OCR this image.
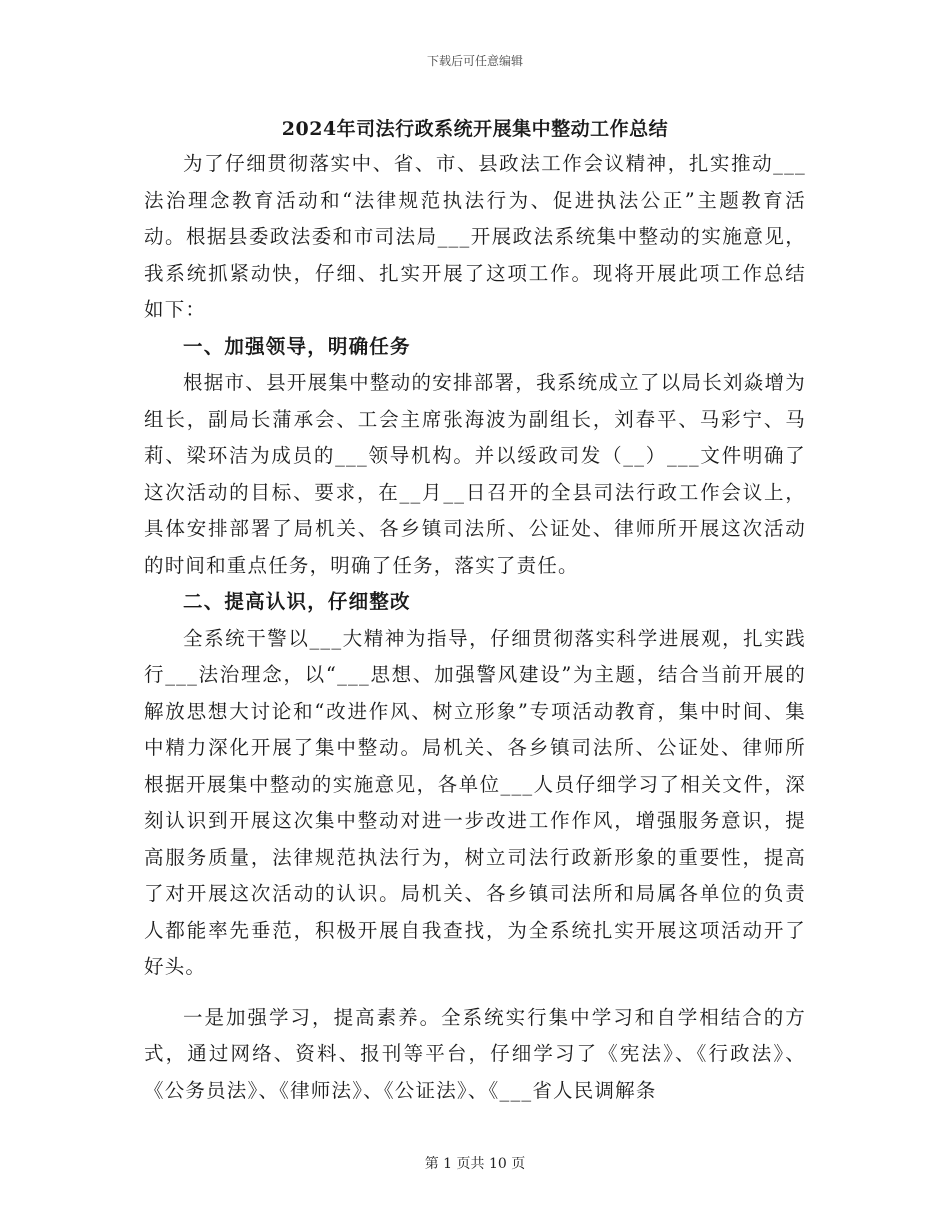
下载后可任意编辑
2024年司法行政系统开展集中整动工作总结

为了仔细贯彻落实中、省、市、县政法工作会议精神，扎实推动___法治理念教育活动和“法律规范执法行为、促进执法公正”主题教育活动。根据县委政法委和市司法局___开展政法系统集中整动的实施意见，我系统抓紧动快，仔细、扎实开展了这项工作。现将开展此项工作总结如下：

一、加强领导，明确任务

根据市、县开展集中整动的安排部署，我系统成立了以局长刘焱增为组长，副局长蒲承会、工会主席张海波为副组长，刘春平、马彩宁、马莉、梁环洁为成员的___领导机构。并以绥政司发（__）___文件明确了这次活动的目标、要求，在__月__日召开的全县司法行政工作会议上，具体安排部署了局机关、各乡镇司法所、公证处、律师所开展这次活动的时间和重点任务，明确了任务，落实了责任。

二、提高认识，仔细整改

全系统干警以___大精神为指导，仔细贯彻落实科学进展观，扎实践行___法治理念，以“___思想、加强警风建设”为主题，结合当前开展的解放思想大讨论和“改进作风、树立形象”专项活动教育，集中时间、集中精力深化开展了集中整动。局机关、各乡镇司法所、公证处、律师所根据开展集中整动的实施意见，各单位___人员仔细学习了相关文件，深刻认识到开展这次集中整动对进一步改进工作作风，增强服务意识，提高服务质量，法律规范执法行为，树立司法行政新形象的重要性，提高了对开展这次活动的认识。局机关、各乡镇司法所和局属各单位的负责人都能率先垂范，积极开展自我查找，为全系统扎实开展这项活动开了好头。

一是加强学习，提高素养。全系统实行集中学习和自学相结合的方式，通过网络、资料、报刊等平台，仔细学习了《宪法》、《行政法》、《公务员法》、《律师法》、《公证法》、《___省人民调解条

第 1 页共 10 页
